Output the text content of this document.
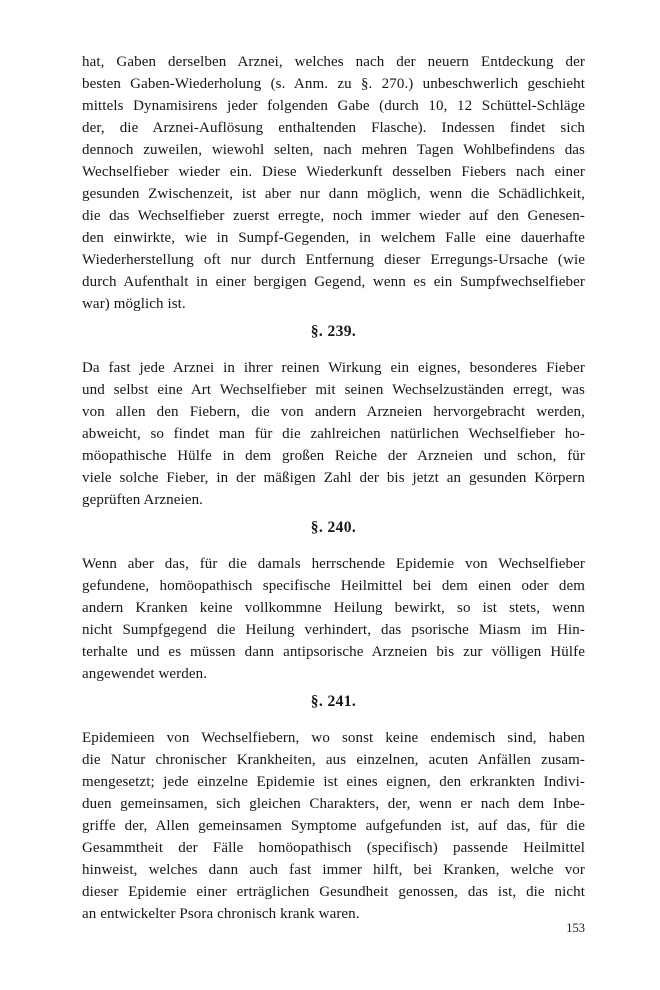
hat, Gaben derselben Arznei, welches nach der neuern Entdeckung der
besten Gaben-Wiederholung (s. Anm. zu §. 270.) unbeschwerlich geschieht
mittels Dynamisirens jeder folgenden Gabe (durch 10, 12 Schüttel-Schläge
der, die Arznei-Auflösung enthaltenden Flasche). Indessen findet sich
dennoch zuweilen, wiewohl selten, nach mehren Tagen Wohlbefindens das
Wechselfieber wieder ein. Diese Wiederkunft desselben Fiebers nach einer
gesunden Zwischenzeit, ist aber nur dann möglich, wenn die Schädlichkeit,
die das Wechselfieber zuerst erregte, noch immer wieder auf den Genesen-
den einwirkte, wie in Sumpf-Gegenden, in welchem Falle eine dauerhafte
Wiederherstellung oft nur durch Entfernung dieser Erregungs-Ursache (wie
durch Aufenthalt in einer bergigen Gegend, wenn es ein Sumpfwechselfieber
war) möglich ist.
§. 239.
Da fast jede Arznei in ihrer reinen Wirkung ein eignes, besonderes Fieber
und selbst eine Art Wechselfieber mit seinen Wechselzuständen erregt, was
von allen den Fiebern, die von andern Arzneien hervorgebracht werden,
abweicht, so findet man für die zahlreichen natürlichen Wechselfieber ho-
möopathische Hülfe in dem großen Reiche der Arzneien und schon, für
viele solche Fieber, in der mäßigen Zahl der bis jetzt an gesunden Körpern
geprüften Arzneien.
§. 240.
Wenn aber das, für die damals herrschende Epidemie von Wechselfieber
gefundene, homöopathisch specifische Heilmittel bei dem einen oder dem
andern Kranken keine vollkommne Heilung bewirkt, so ist stets, wenn
nicht Sumpfgegend die Heilung verhindert, das psorische Miasm im Hin-
terhalte und es müssen dann antipsorische Arzneien bis zur völligen Hülfe
angewendet werden.
§. 241.
Epidemieen von Wechselfiebern, wo sonst keine endemisch sind, haben
die Natur chronischer Krankheiten, aus einzelnen, acuten Anfällen zusam-
mengesetzt; jede einzelne Epidemie ist eines eignen, den erkrankten Indivi-
duen gemeinsamen, sich gleichen Charakters, der, wenn er nach dem Inbe-
griffe der, Allen gemeinsamen Symptome aufgefunden ist, auf das, für die
Gesammtheit der Fälle homöopathisch (specifisch) passende Heilmittel
hinweist, welches dann auch fast immer hilft, bei Kranken, welche vor
dieser Epidemie einer erträglichen Gesundheit genossen, das ist, die nicht
an entwickelter Psora chronisch krank waren.
153
